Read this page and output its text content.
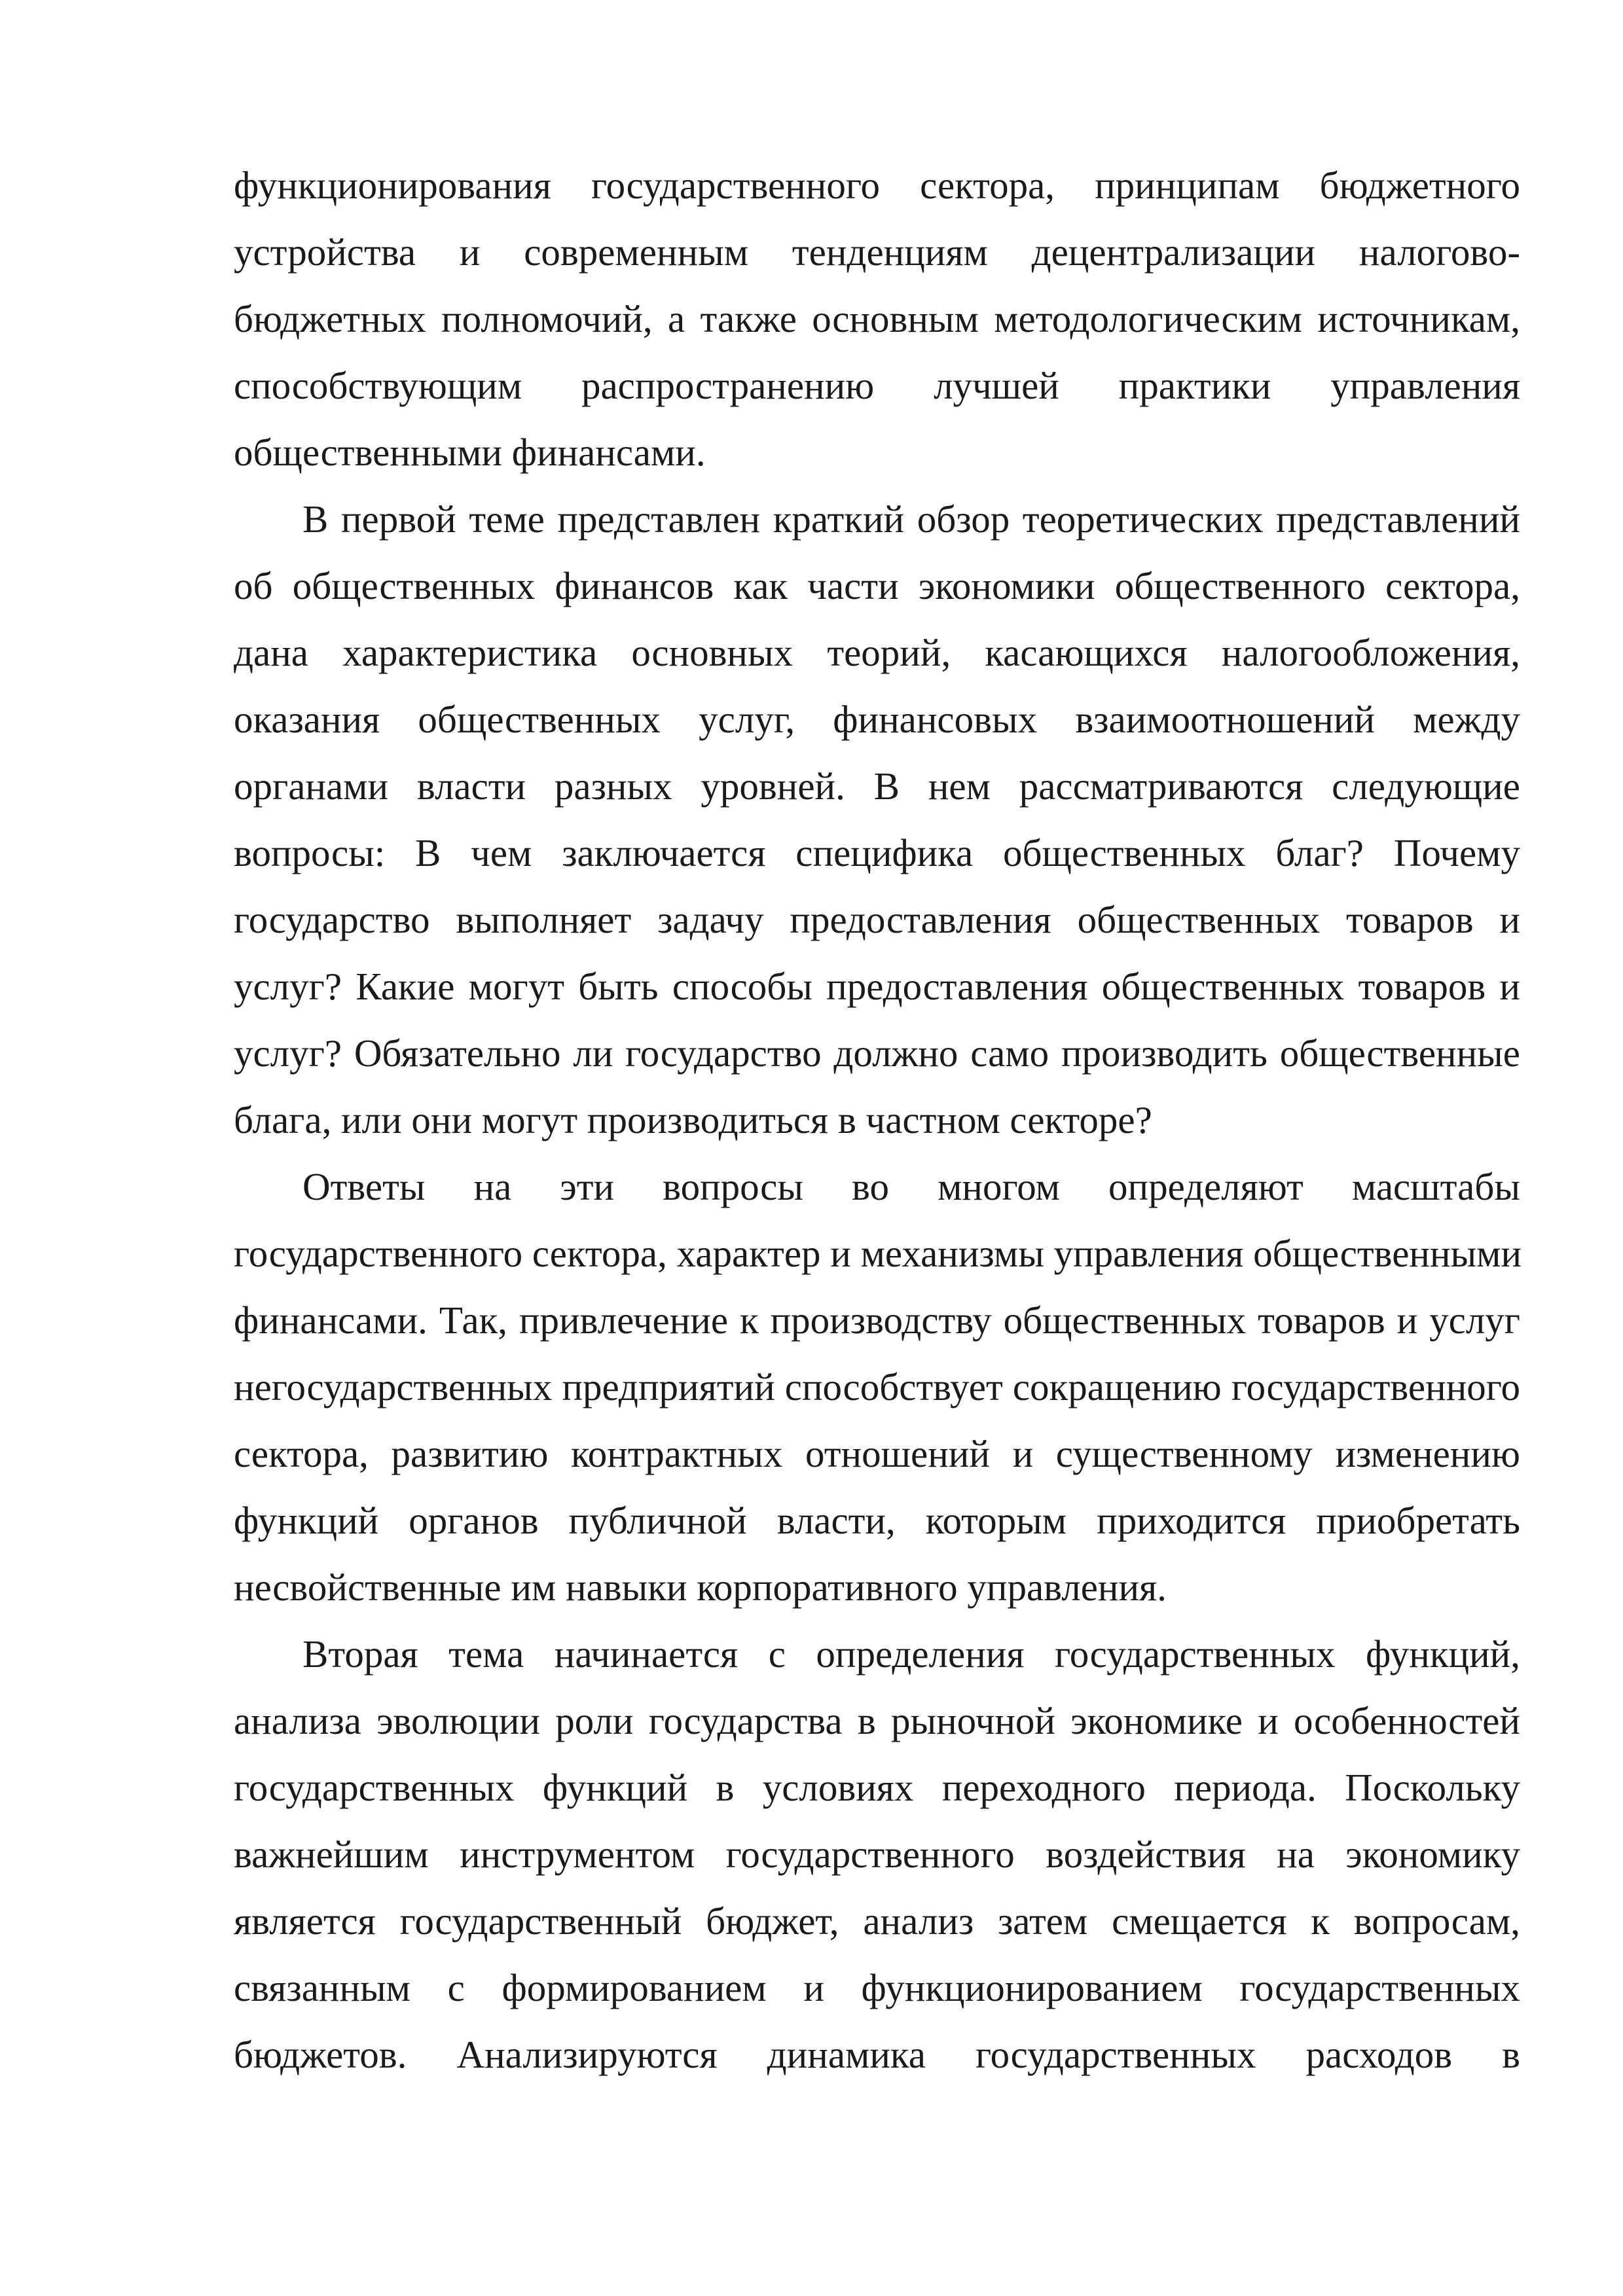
функционирования государственного сектора, принципам бюджетного
устройства и современным тенденциям децентрализации налогово-
бюджетных полномочий, а также основным методологическим источникам,
способствующим распространению лучшей практики управления
общественными финансами.
В первой теме представлен краткий обзор теоретических представлений
об общественных финансов как части экономики общественного сектора,
дана характеристика основных теорий, касающихся налогообложения,
оказания общественных услуг, финансовых взаимоотношений между
органами власти разных уровней. В нем рассматриваются следующие
вопросы: В чем заключается специфика общественных благ? Почему
государство выполняет задачу предоставления общественных товаров и
услуг? Какие могут быть способы предоставления общественных товаров и
услуг? Обязательно ли государство должно само производить общественные
блага, или они могут производиться в частном секторе?
Ответы на эти вопросы во многом определяют масштабы
государственного сектора, характер и механизмы управления общественными
финансами. Так, привлечение к производству общественных товаров и услуг
негосударственных предприятий способствует сокращению государственного
сектора, развитию контрактных отношений и существенному изменению
функций органов публичной власти, которым приходится приобретать
несвойственные им навыки корпоративного управления.
Вторая тема начинается с определения государственных функций,
анализа эволюции роли государства в рыночной экономике и особенностей
государственных функций в условиях переходного периода. Поскольку
важнейшим инструментом государственного воздействия на экономику
является государственный бюджет, анализ затем смещается к вопросам,
связанным с формированием и функционированием государственных
бюджетов. Анализируются динамика государственных расходов в
